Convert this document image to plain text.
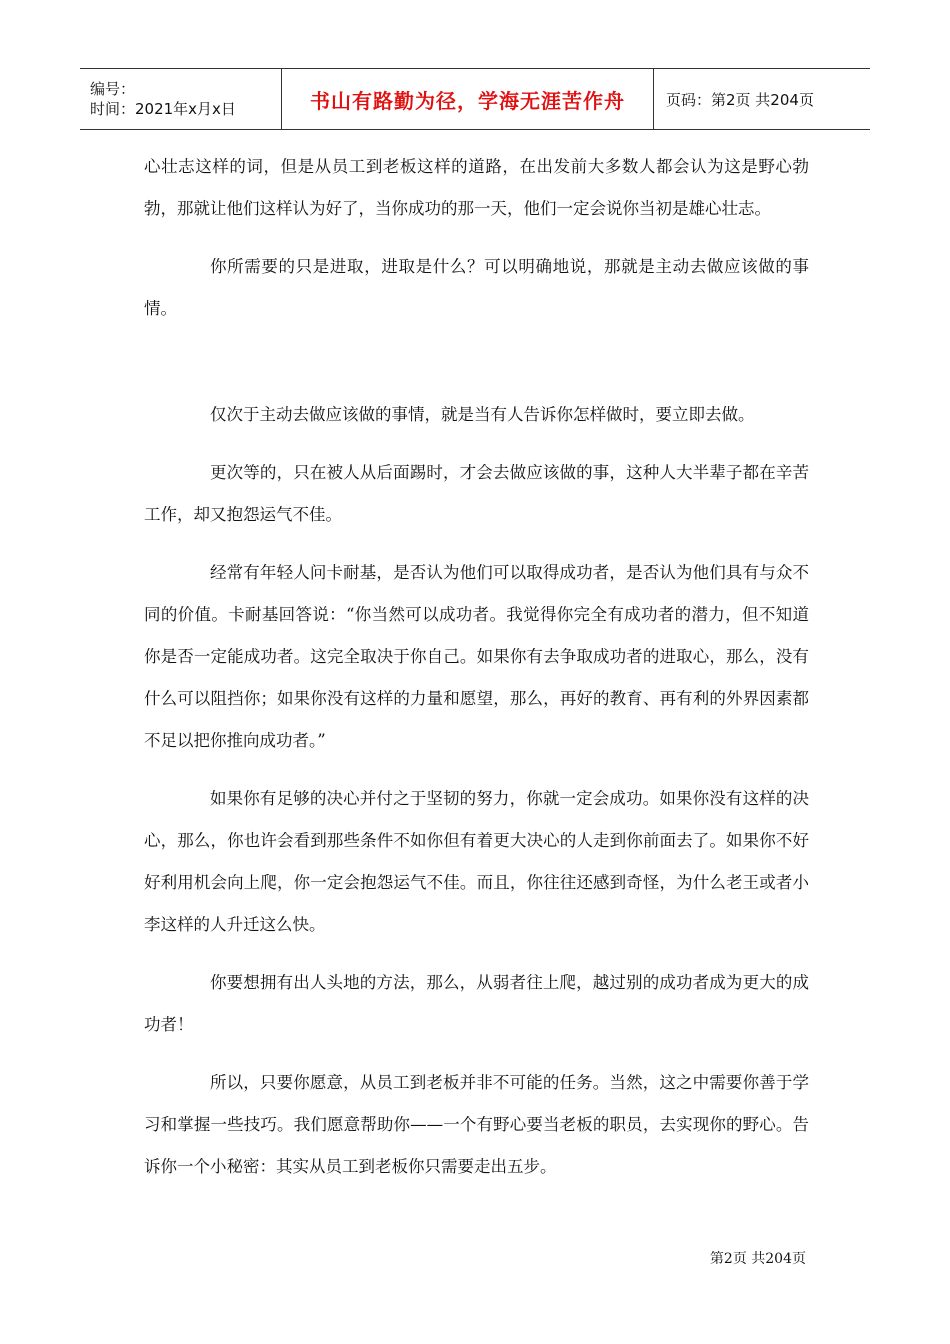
编号：
时间：2021年x月x日	书山有路勤为径，学海无涯苦作舟	页码：第2页 共204页

心壮志这样的词，但是从员工到老板这样的道路，在出发前大多数人都会认为这是野心勃勃，那就让他们这样认为好了，当你成功的那一天，他们一定会说你当初是雄心壮志。

你所需要的只是进取，进取是什么？可以明确地说，那就是主动去做应该做的事情。

仅次于主动去做应该做的事情，就是当有人告诉你怎样做时，要立即去做。

更次等的，只在被人从后面踢时，才会去做应该做的事，这种人大半辈子都在辛苦工作，却又抱怨运气不佳。

经常有年轻人问卡耐基，是否认为他们可以取得成功者，是否认为他们具有与众不同的价值。卡耐基回答说：“你当然可以成功者。我觉得你完全有成功者的潜力，但不知道你是否一定能成功者。这完全取决于你自己。如果你有去争取成功者的进取心，那么，没有什么可以阻挡你；如果你没有这样的力量和愿望，那么，再好的教育、再有利的外界因素都不足以把你推向成功者。”

如果你有足够的决心并付之于坚韧的努力，你就一定会成功。如果你没有这样的决心，那么，你也许会看到那些条件不如你但有着更大决心的人走到你前面去了。如果你不好好利用机会向上爬，你一定会抱怨运气不佳。而且，你往往还感到奇怪，为什么老王或者小李这样的人升迁这么快。

你要想拥有出人头地的方法，那么，从弱者往上爬，越过别的成功者成为更大的成功者！

所以，只要你愿意，从员工到老板并非不可能的任务。当然，这之中需要你善于学习和掌握一些技巧。我们愿意帮助你——一个有野心要当老板的职员，去实现你的野心。告诉你一个小秘密：其实从员工到老板你只需要走出五步。

第2页 共204页
